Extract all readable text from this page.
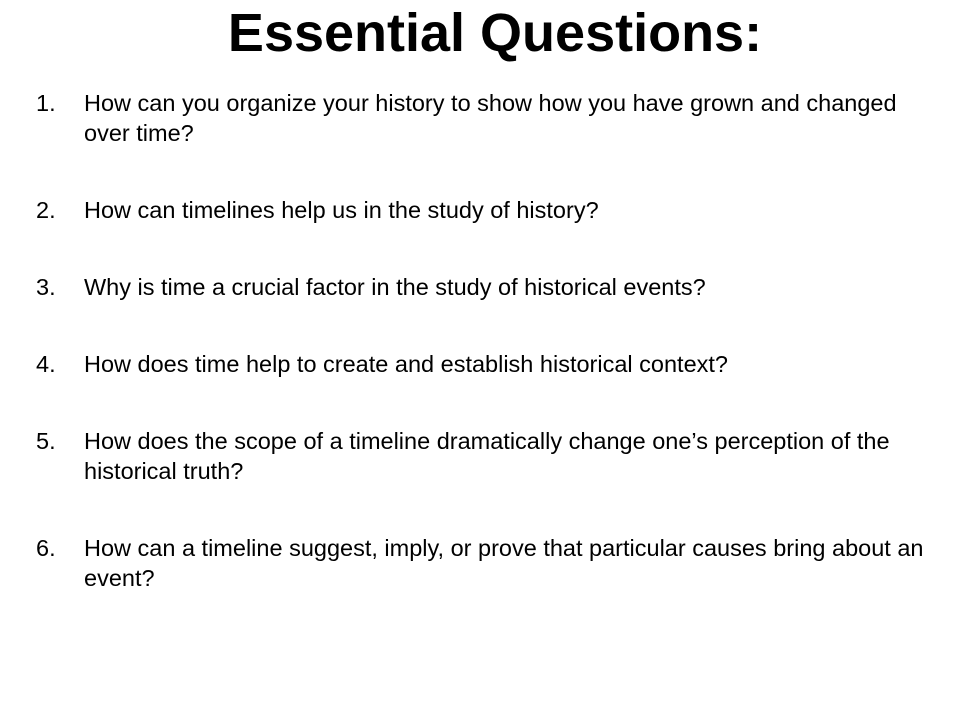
Essential Questions:
1.	How can you organize your history to show how you have grown and changed over time?
2.	How can timelines help us in the study of history?
3.	Why is time a crucial factor in the study of historical events?
4.	How does time help to create and establish historical context?
5.	How does the scope of a timeline dramatically change one’s perception of the historical truth?
6.	How can a timeline suggest, imply, or prove that particular causes bring about an event?
